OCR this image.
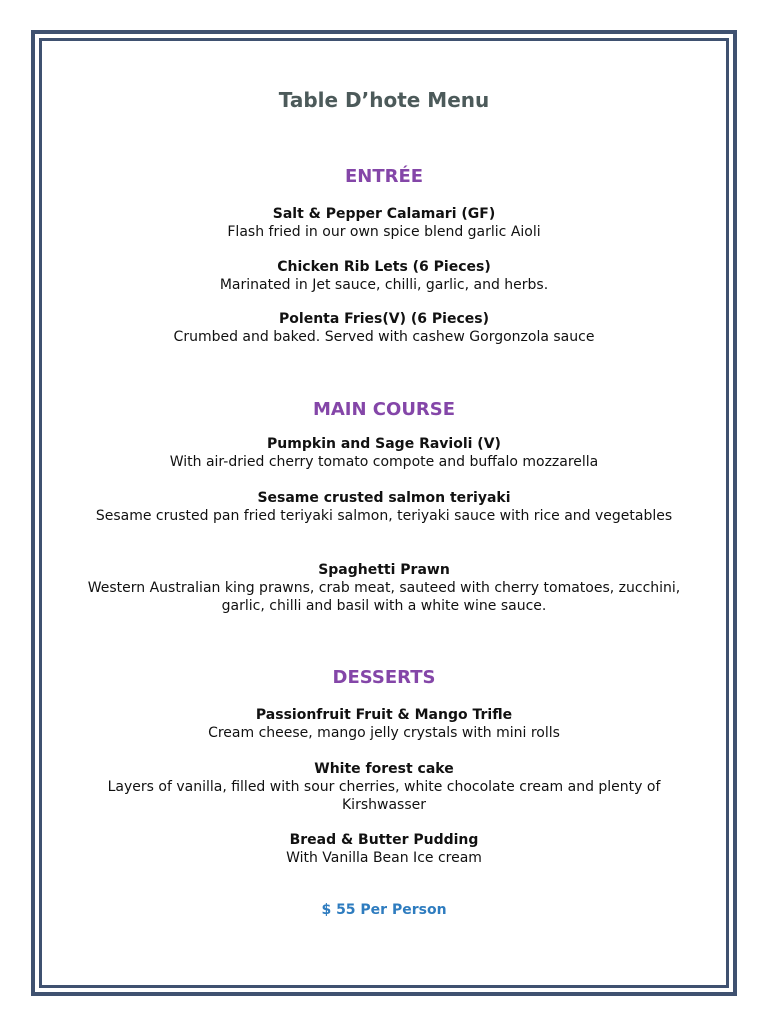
Table D’hote Menu
ENTRÉE
Salt & Pepper Calamari (GF)
Flash fried in our own spice blend garlic Aioli
Chicken Rib Lets (6 Pieces)
Marinated in Jet sauce, chilli, garlic, and herbs.
Polenta Fries(V) (6 Pieces)
Crumbed and baked. Served with cashew Gorgonzola sauce
MAIN COURSE
Pumpkin and Sage Ravioli (V)
With air-dried cherry tomato compote and buffalo mozzarella
Sesame crusted salmon teriyaki
Sesame crusted pan fried teriyaki salmon, teriyaki sauce with rice and vegetables
Spaghetti Prawn
Western Australian king prawns, crab meat, sauteed with cherry tomatoes, zucchini, garlic, chilli and basil with a white wine sauce.
DESSERTS
Passionfruit Fruit & Mango Trifle
Cream cheese, mango jelly crystals with mini rolls
White forest cake
Layers of vanilla, filled with sour cherries, white chocolate cream and plenty of Kirshwasser
Bread & Butter Pudding
With Vanilla Bean Ice cream
$ 55 Per Person
